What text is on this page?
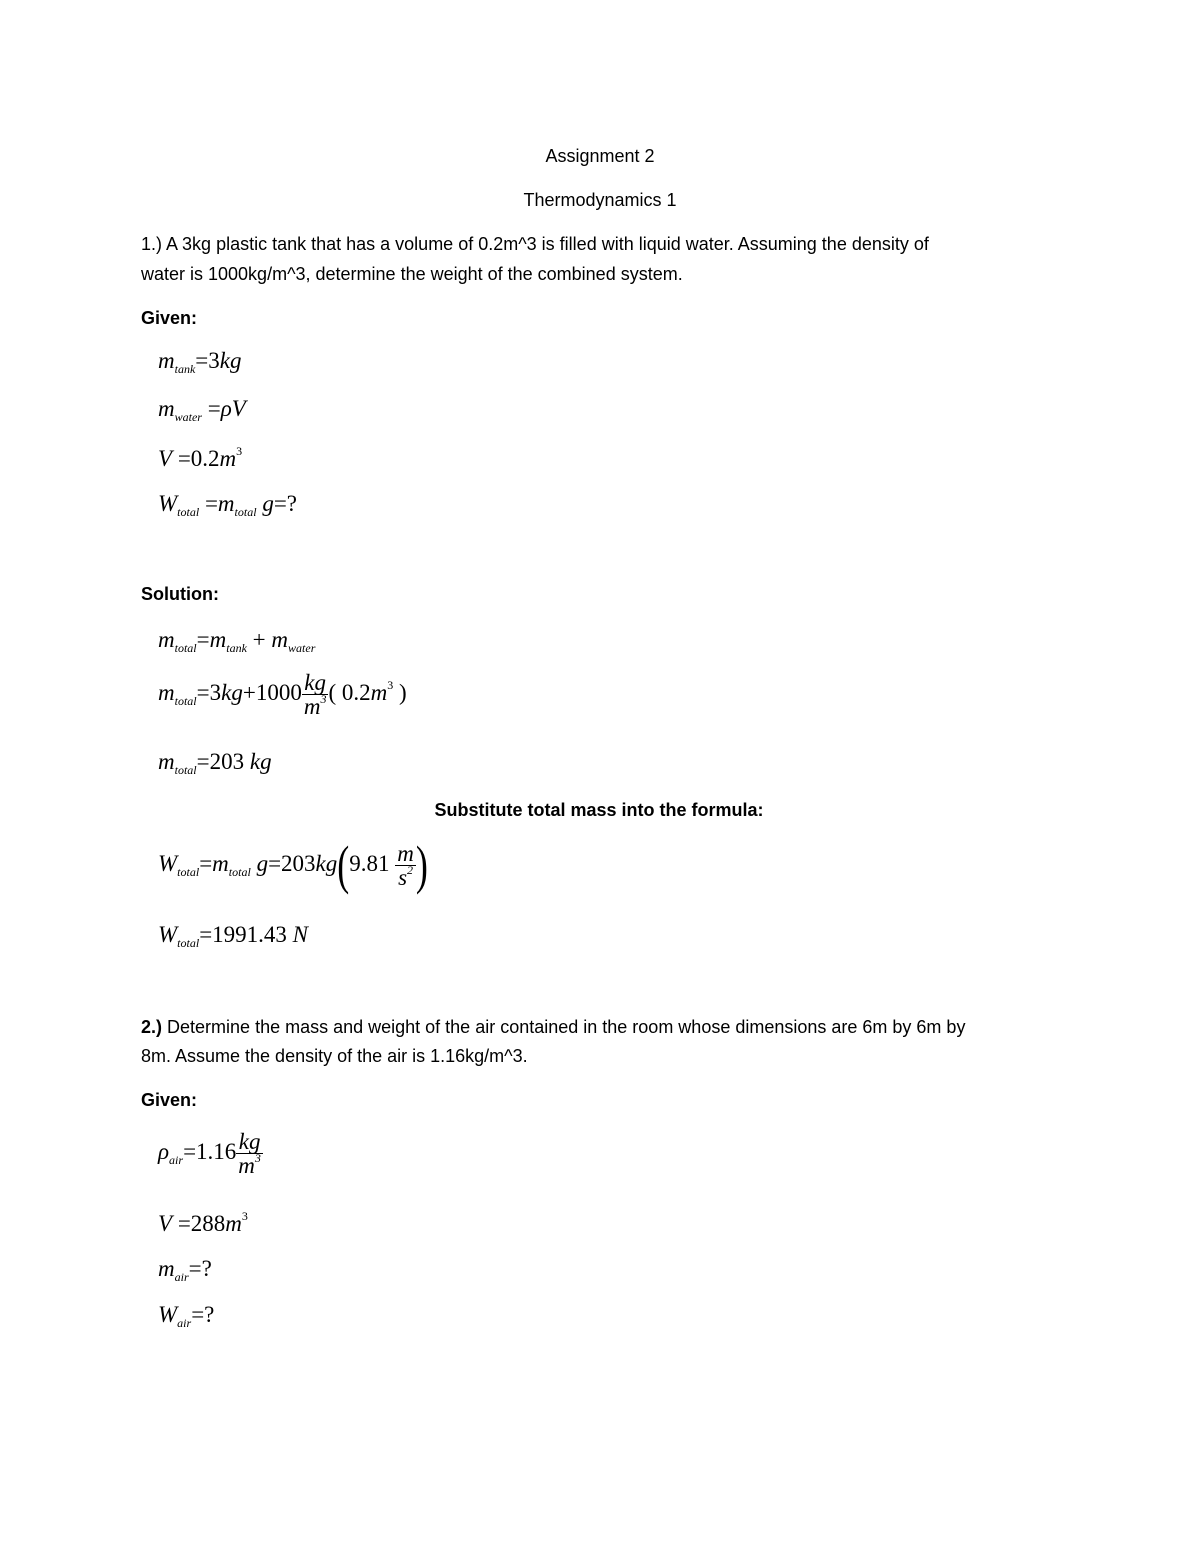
Assignment 2
Thermodynamics 1
1.) A 3kg plastic tank that has a volume of 0.2m^3 is filled with liquid water. Assuming the density of
water is 1000kg/m^3, determine the weight of the combined system.
Given:
$m_{tank}=3kg$
$m_{water} =\rho V$
$V =0.2m^3$
$W_{total} =m_{total}$ g=?
Solution:
$m_{total}=m_{tank} + m_{water}$
$m_{total}=3kg+1000 \frac{kg}{m^3}$ ( $0.2m^3$ )
$m_{total}=203$ kg
Substitute total mass into the formula:
$W_{total}=m_{total}$ $g=203kg(9.81 \frac{m}{s^2}$ )
$W_{total}=1991.43$ N
2.) Determine the mass and weight of the air contained in the room whose dimensions are 6m by 6m by
8m. Assume the density of the air is 1.16kg/m^3.
Given:
$\rho_{air}=1.16 \frac{kg}{m^3}$
$V =288m^3$
$m_{air}=$?
$W_{air}=$?
